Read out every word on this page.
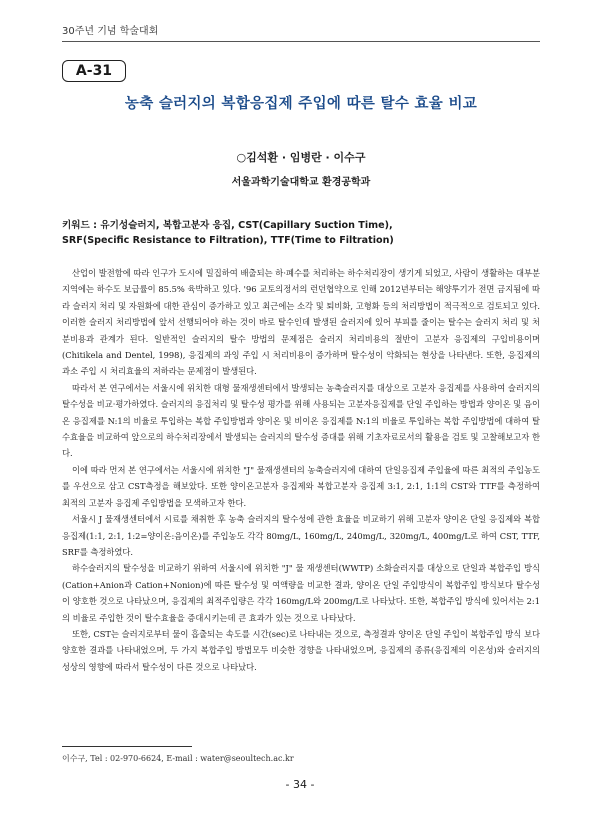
30주년 기념 학술대회
A-31
농축 슬러지의 복합응집제 주입에 따른 탈수 효율 비교
○김석환 · 임병란 · 이수구
서울과학기술대학교 환경공학과
키워드 : 유기성슬러지, 복합고분자 응집, CST(Capillary Suction Time),
SRF(Specific Resistance to Filtration), TTF(Time to Filtration)

산업이 발전함에 따라 인구가 도시에 밀집하여 배출되는 하·폐수를 처리하는 하수처리장이 생기게 되었고, 사람이 생활하는 대부분 지역에는 하수도 보급률이 85.5% 육박하고 있다. '96 교토의정서의 런던협약으로 인해 2012년부터는 해양투기가 전면 금지됨에 따라 슬러지 처리 및 자원화에 대한 관심이 증가하고 있고 최근에는 소각 및 퇴비화, 고형화 등의 처리방법이 적극적으로 검토되고 있다. 이러한 슬러지 처리방법에 앞서 선행되어야 하는 것이 바로 탈수인데 발생된 슬러지에 있어 부피를 줄이는 탈수는 슬러지 처리 및 처분비용과 관계가 된다. 일반적인 슬러지의 탈수 방법의 문제점은 슬러지 처리비용의 절반이 고분자 응집제의 구입비용이며(Chitikela and Dentel, 1998), 응집제의 과잉 주입 시 처리비용이 증가하며 탈수성이 악화되는 현상을 나타낸다. 또한, 응집제의 과소 주입 시 처리효율의 저하라는 문제점이 발생된다.

따라서 본 연구에서는 서울시에 위치한 대형 물재생센터에서 발생되는 농축슬러지를 대상으로 고분자 응집제를 사용하여 슬러지의 탈수성을 비교·평가하였다. 슬러지의 응집처리 및 탈수성 평가를 위해 사용되는 고분자응집제를 단일 주입하는 방법과 양이온 및 음이온 응집제를 N:1의 비율로 투입하는 복합 주입방법과 양이온 및 비이온 응집제를 N:1의 비율로 투입하는 복합 주입방법에 대하여 탈수효율을 비교하여 앞으로의 하수처리장에서 발생되는 슬러지의 탈수성 증대를 위해 기초자료로서의 활용을 검토 및 고찰해보고자 한다.

이에 따라 먼저 본 연구에서는 서울시에 위치한 "J" 물재생센터의 농축슬러지에 대하여 단일응집제 주입율에 따른 최적의 주입농도를 우선으로 삼고 CST측정을 해보았다. 또한 양이온고분자 응집제와 복합고분자 응집제 3:1, 2:1, 1:1의 CST와 TTF를 측정하여 최적의 고분자 응집제 주입방법을 모색하고자 한다.

서울시 J 물재생센터에서 시료를 채취한 후 농축 슬러지의 탈수성에 관한 효율을 비교하기 위해 고분자 양이온 단일 응집제와 복합응집제(1:1, 2:1, 1:2=양이온:음이온)를 주입농도 각각 80mg/L, 160mg/L, 240mg/L, 320mg/L, 400mg/L로 하여 CST, TTF, SRF를 측정하였다.

하수슬러지의 탈수성을 비교하기 위하여 서울시에 위치한 "J" 물 재생센터(WWTP) 소화슬러지를 대상으로 단일과 복합주입 방식(Cation+Anion과 Cation+Nonion)에 따른 탈수성 및 여액량을 비교한 결과, 양이온 단일 주입방식이 복합주입 방식보다 탈수성이 양호한 것으로 나타났으며, 응집제의 최적주입량은 각각 160mg/L와 200mg/L로 나타났다. 또한, 복합주입 방식에 있어서는 2:1의 비율로 주입한 것이 탈수효율을 증대시키는데 큰 효과가 있는 것으로 나타났다.

또한, CST는 슬러지로부터 물이 흡출되는 속도를 시간(sec)로 나타내는 것으로, 측정결과 양이온 단일 주입이 복합주입 방식 보다 양호한 결과를 나타내었으며, 두 가지 복합주입 방법모두 비슷한 경향을 나타내었으며, 응집제의 종류(응집제의 이온성)와 슬러지의 성상의 영향에 따라서 탈수성이 다른 것으로 나타났다.

이수구, Tel : 02-970-6624, E-mail : water@seoultech.ac.kr
- 34 -
